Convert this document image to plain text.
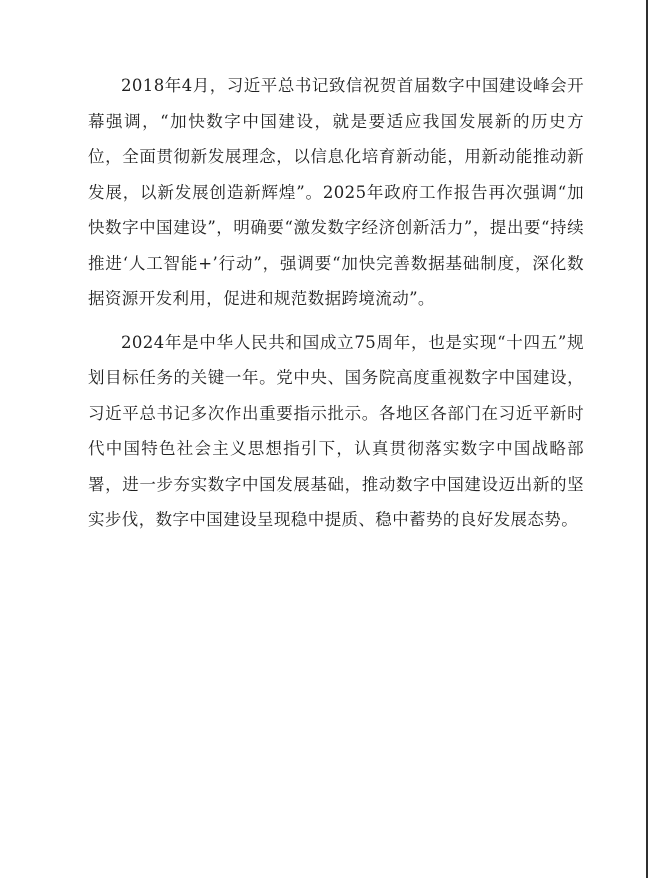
2018年4月，习近平总书记致信祝贺首届数字中国建设峰会开幕强调，“加快数字中国建设，就是要适应我国发展新的历史方位，全面贯彻新发展理念，以信息化培育新动能，用新动能推动新发展，以新发展创造新辉煌”。2025年政府工作报告再次强调“加快数字中国建设”，明确要“激发数字经济创新活力”，提出要“持续推进‘人工智能+’行动”，强调要“加快完善数据基础制度，深化数据资源开发利用，促进和规范数据跨境流动”。

2024年是中华人民共和国成立75周年，也是实现“十四五”规划目标任务的关键一年。党中央、国务院高度重视数字中国建设，习近平总书记多次作出重要指示批示。各地区各部门在习近平新时代中国特色社会主义思想指引下，认真贯彻落实数字中国战略部署，进一步夯实数字中国发展基础，推动数字中国建设迈出新的坚实步伐，数字中国建设呈现稳中提质、稳中蓄势的良好发展态势。
